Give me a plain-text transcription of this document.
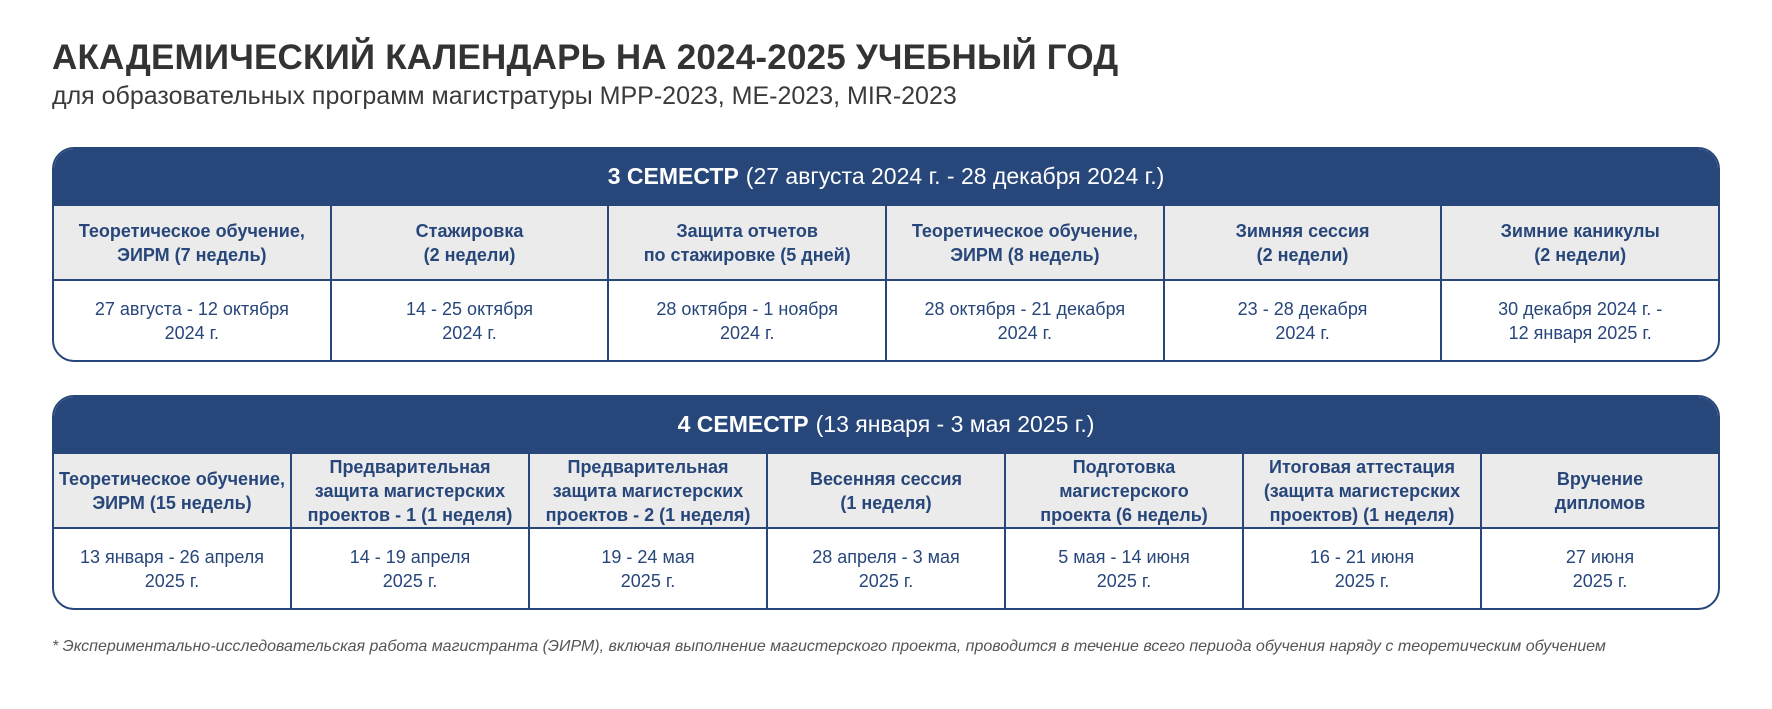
АКАДЕМИЧЕСКИЙ КАЛЕНДАРЬ НА 2024-2025 УЧЕБНЫЙ ГОД
для образовательных программ магистратуры MPP-2023, ME-2023, MIR-2023
3 СЕМЕСТР (27 августа 2024 г. - 28 декабря 2024 г.)
Теоретическое обучение,
ЭИРМ (7 недель)
27 августа - 12 октября
2024 г.
Стажировка
(2 недели)
14 - 25 октября
2024 г.
Защита отчетов
по стажировке (5 дней)
28 октября - 1 ноября
2024 г.
Теоретическое обучение,
ЭИРМ (8 недель)
28 октября - 21 декабря
2024 г.
Зимняя сессия
(2 недели)
23 - 28 декабря
2024 г.
Зимние каникулы
(2 недели)
30 декабря 2024 г. -
12 января 2025 г.
4 СЕМЕСТР (13 января - 3 мая 2025 г.)
Теоретическое обучение,
ЭИРМ (15 недель)
13 января - 26 апреля
2025 г.
Предварительная
защита магистерских
проектов - 1 (1 неделя)
14 - 19 апреля
2025 г.
Предварительная
защита магистерских
проектов - 2 (1 неделя)
19 - 24 мая
2025 г.
Весенняя сессия
(1 неделя)
28 апреля - 3 мая
2025 г.
Подготовка магистерского
проекта (6 недель)
5 мая - 14 июня
2025 г.
Итоговая аттестация
(защита магистерских
проектов) (1 неделя)
16 - 21 июня
2025 г.
Вручение
дипломов
27 июня
2025 г.
* Экспериментально-исследовательская работа магистранта (ЭИРМ), включая выполнение магистерского проекта, проводится в течение всего периода обучения наряду с теоретическим обучением
